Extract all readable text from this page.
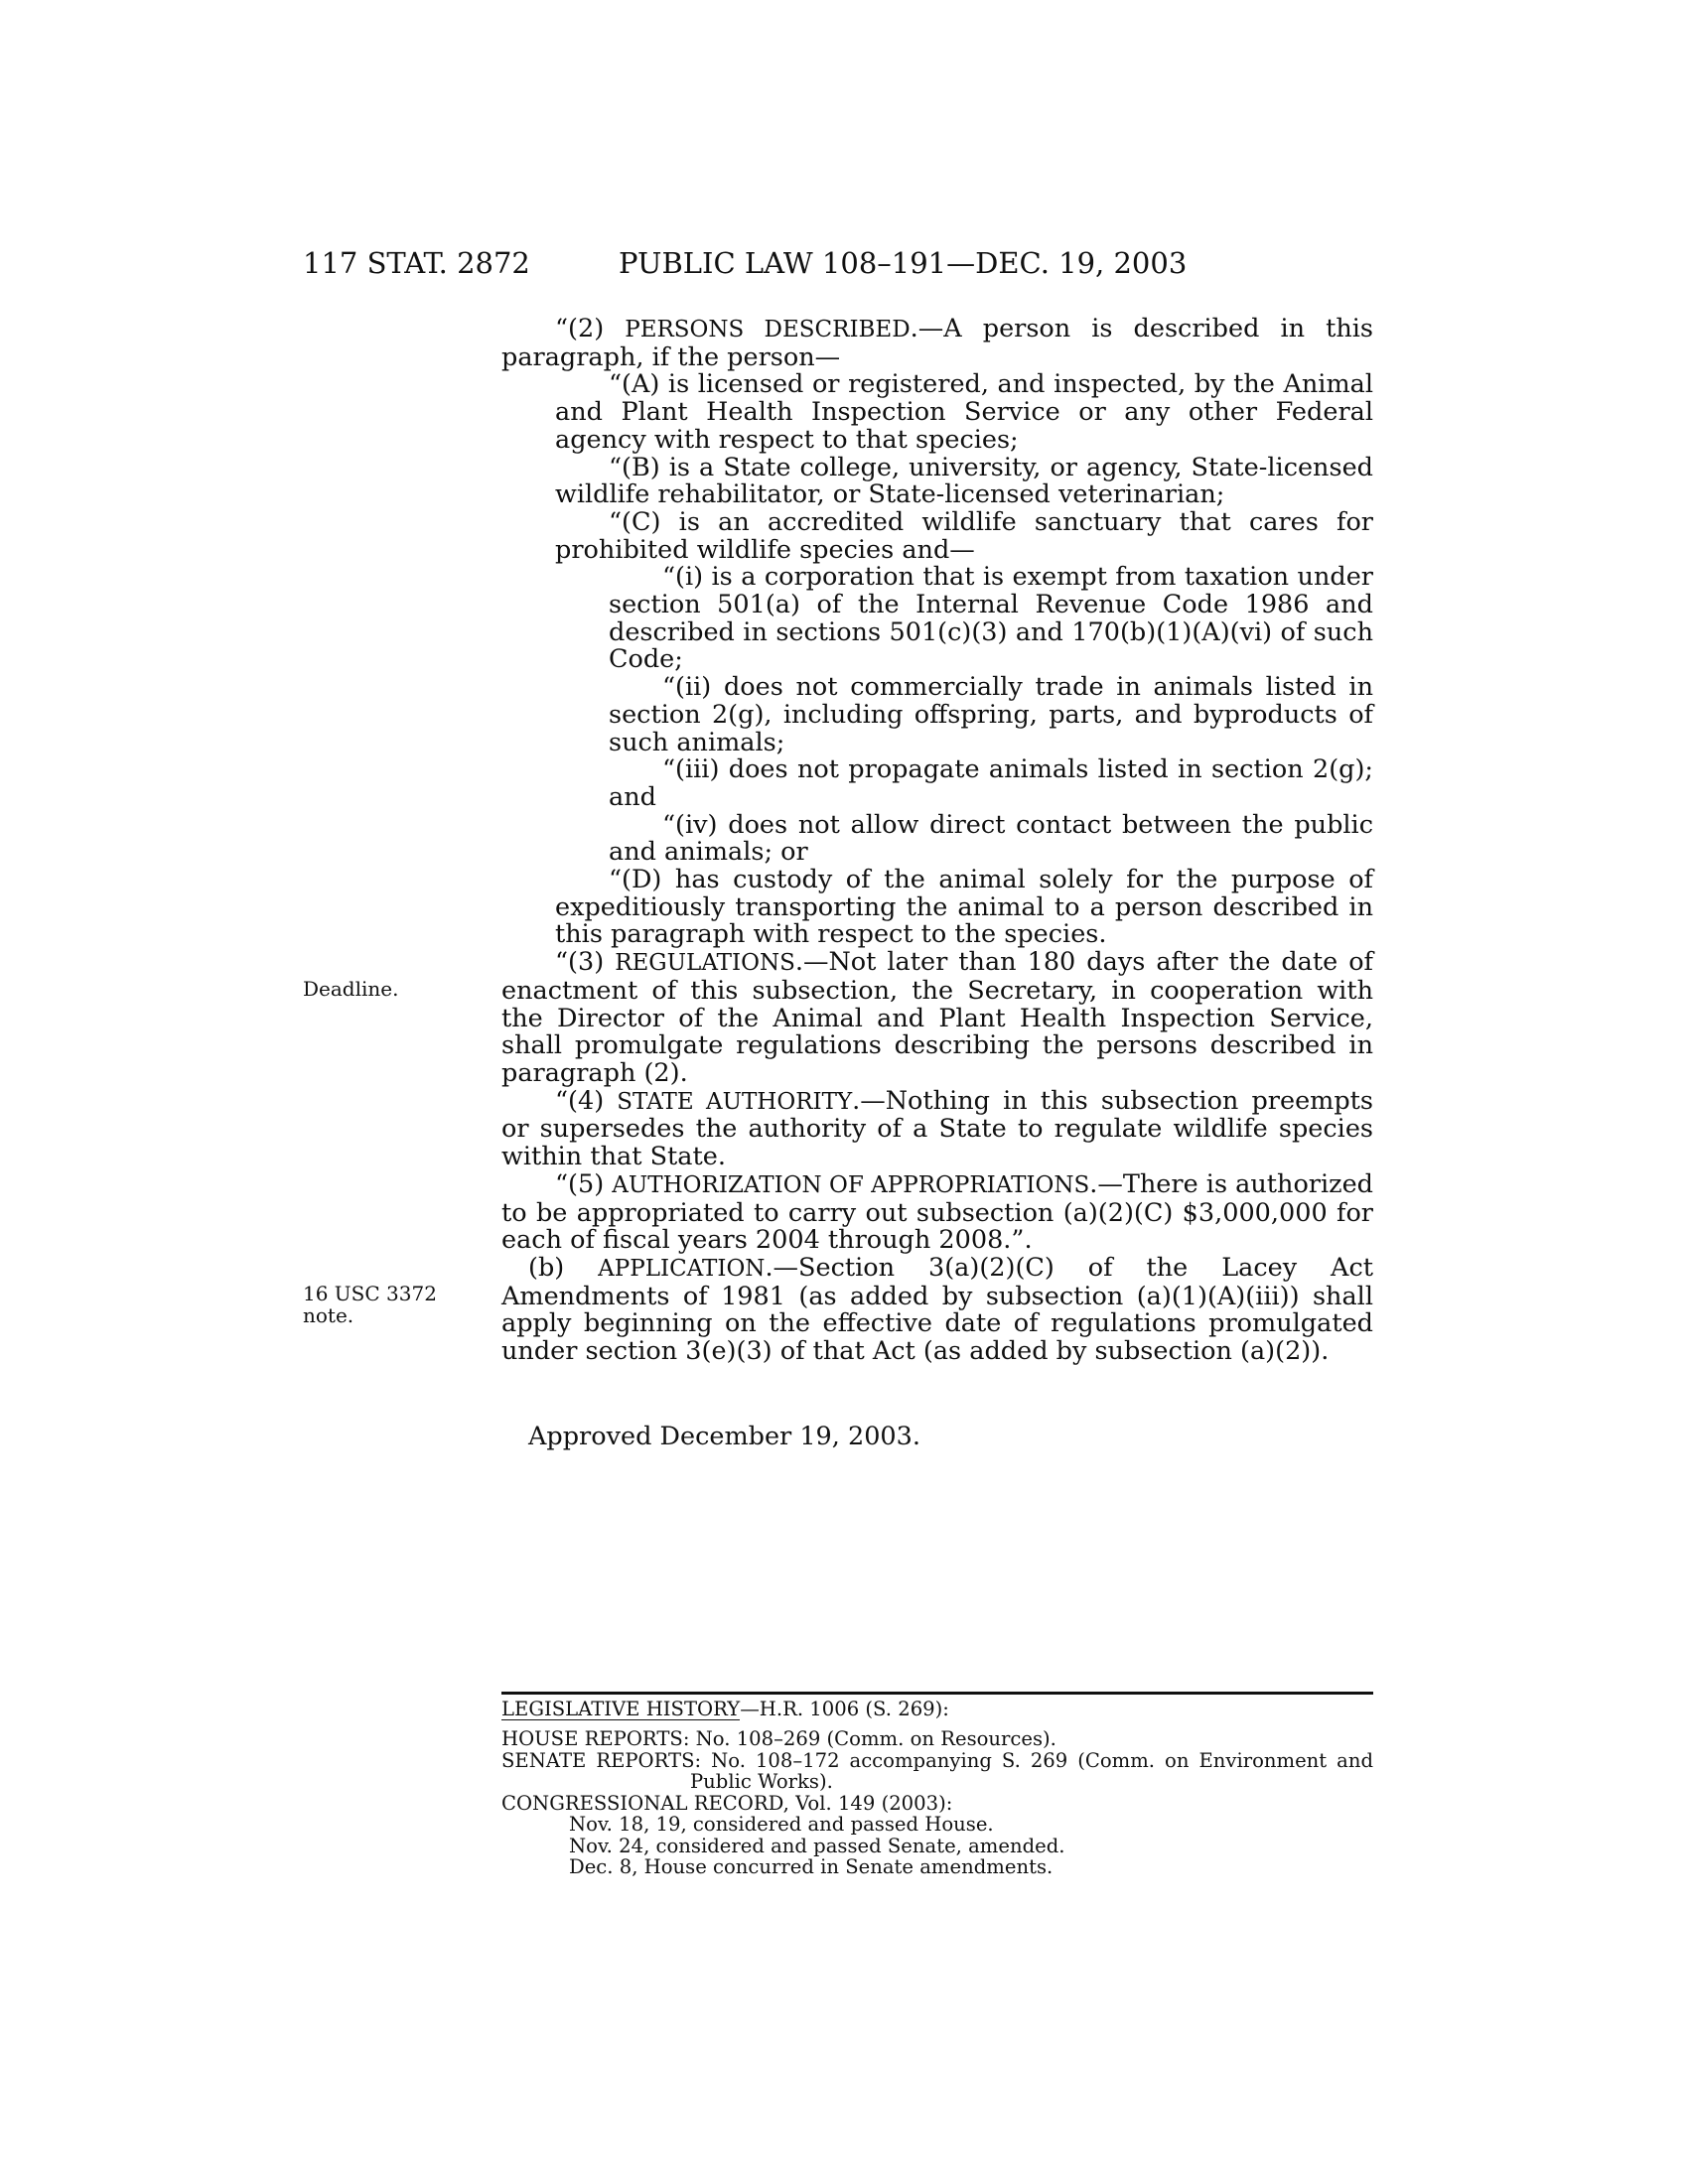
117 STAT. 2872	PUBLIC LAW 108–191—DEC. 19, 2003
Deadline.
16 USC 3372
note.

“(2) PERSONS DESCRIBED.—A person is described in this paragraph, if the person—

“(A) is licensed or registered, and inspected, by the Animal and Plant Health Inspection Service or any other Federal agency with respect to that species;

“(B) is a State college, university, or agency, State-licensed wildlife rehabilitator, or State-licensed veterinarian;

“(C) is an accredited wildlife sanctuary that cares for prohibited wildlife species and—

“(i) is a corporation that is exempt from taxation under section 501(a) of the Internal Revenue Code 1986 and described in sections 501(c)(3) and 170(b)(1)(A)(vi) of such Code;

“(ii) does not commercially trade in animals listed in section 2(g), including offspring, parts, and byproducts of such animals;

“(iii) does not propagate animals listed in section 2(g); and

“(iv) does not allow direct contact between the public and animals; or

“(D) has custody of the animal solely for the purpose of expeditiously transporting the animal to a person described in this paragraph with respect to the species.

“(3) REGULATIONS.—Not later than 180 days after the date of enactment of this subsection, the Secretary, in cooperation with the Director of the Animal and Plant Health Inspection Service, shall promulgate regulations describing the persons described in paragraph (2).

“(4) STATE AUTHORITY.—Nothing in this subsection preempts or supersedes the authority of a State to regulate wildlife species within that State.

“(5) AUTHORIZATION OF APPROPRIATIONS.—There is authorized to be appropriated to carry out subsection (a)(2)(C) $3,000,000 for each of fiscal years 2004 through 2008.”.

(b) APPLICATION.—Section 3(a)(2)(C) of the Lacey Act Amendments of 1981 (as added by subsection (a)(1)(A)(iii)) shall apply beginning on the effective date of regulations promulgated under section 3(e)(3) of that Act (as added by subsection (a)(2)).

Approved December 19, 2003.

LEGISLATIVE HISTORY—H.R. 1006 (S. 269):

HOUSE REPORTS: No. 108–269 (Comm. on Resources).

SENATE REPORTS: No. 108–172 accompanying S. 269 (Comm. on Environment and Public Works).

CONGRESSIONAL RECORD, Vol. 149 (2003):

Nov. 18, 19, considered and passed House.

Nov. 24, considered and passed Senate, amended.

Dec. 8, House concurred in Senate amendments.
